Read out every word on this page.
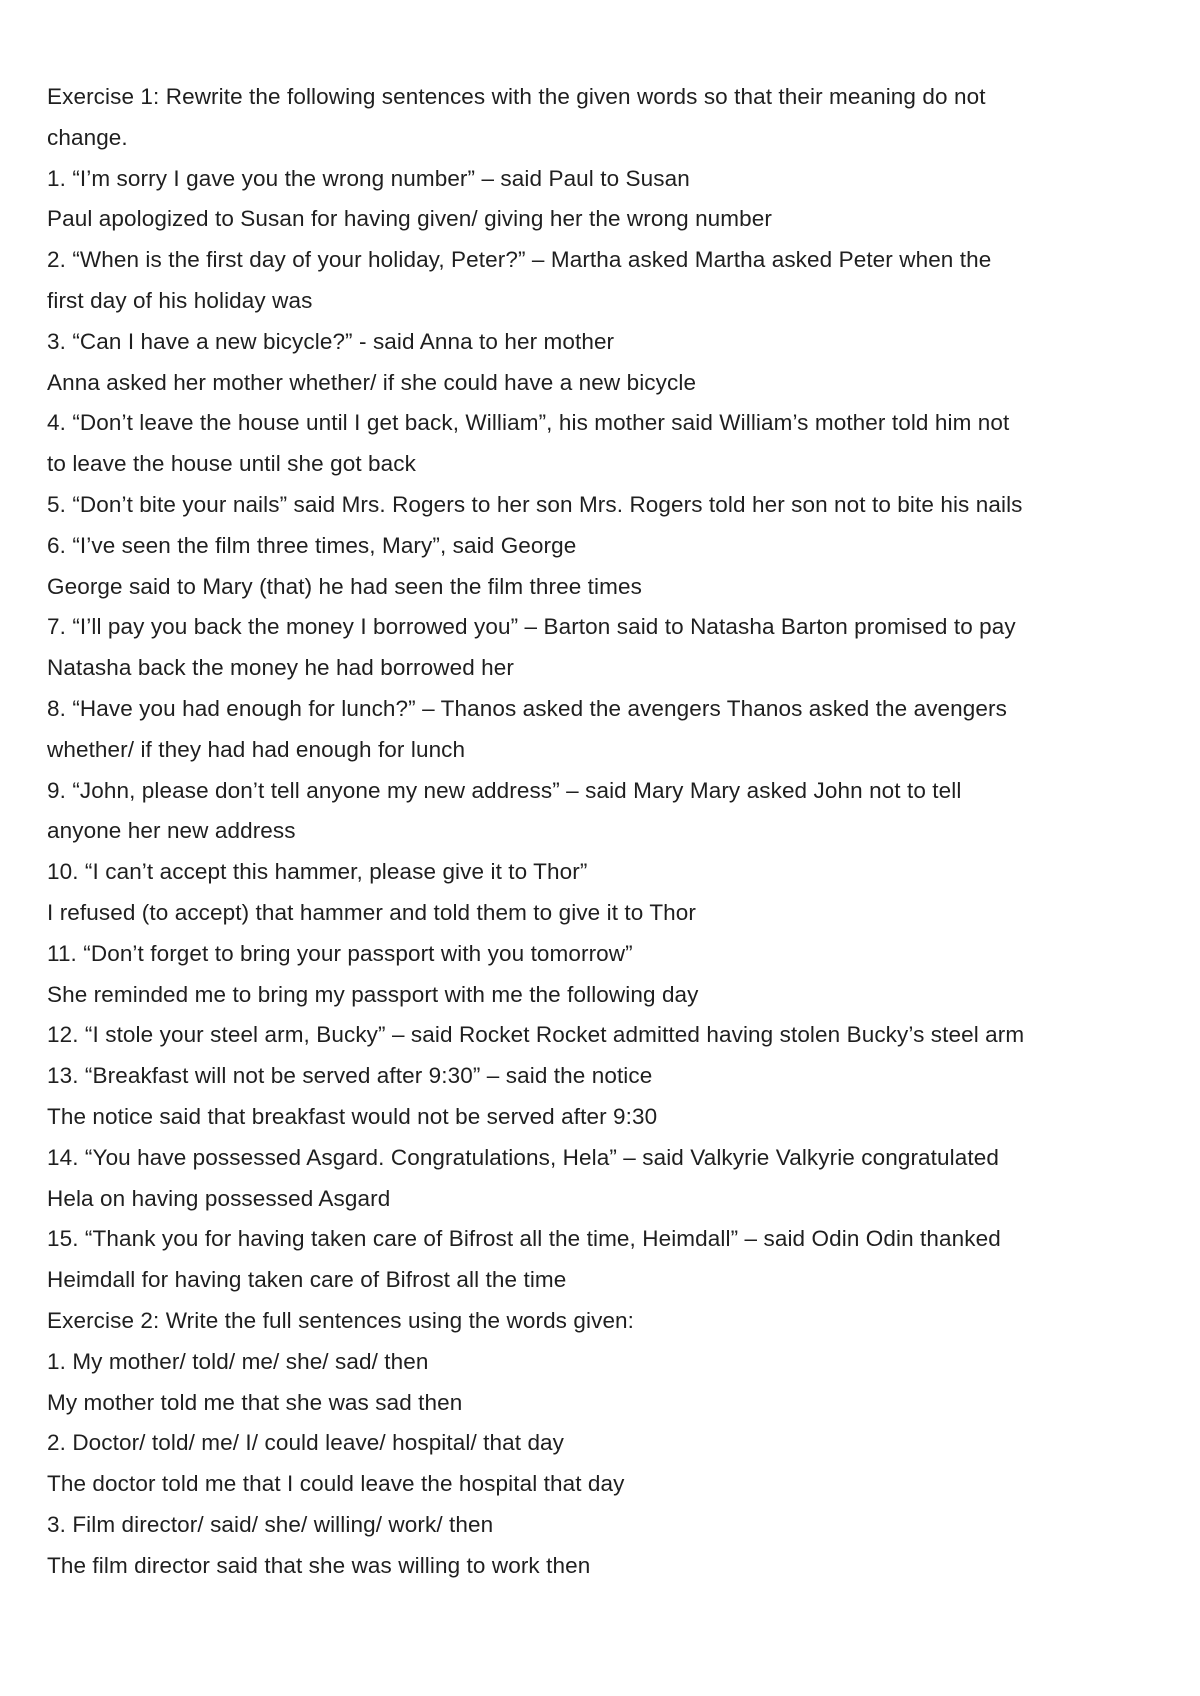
Exercise 1: Rewrite the following sentences with the given words so that their meaning do not
change.
1. “I’m sorry I gave you the wrong number” – said Paul to Susan
Paul apologized to Susan for having given/ giving her the wrong number
2. “When is the first day of your holiday, Peter?” – Martha asked Martha asked Peter when the
first day of his holiday was
3. “Can I have a new bicycle?” - said Anna to her mother
Anna asked her mother whether/ if she could have a new bicycle
4. “Don’t leave the house until I get back, William”, his mother said William’s mother told him not
to leave the house until she got back
5. “Don’t bite your nails” said Mrs. Rogers to her son Mrs. Rogers told her son not to bite his nails
6. “I’ve seen the film three times, Mary”, said George
George said to Mary (that) he had seen the film three times
7. “I’ll pay you back the money I borrowed you” – Barton said to Natasha Barton promised to pay
Natasha back the money he had borrowed her
8. “Have you had enough for lunch?” – Thanos asked the avengers Thanos asked the avengers
whether/ if they had had enough for lunch
9. “John, please don’t tell anyone my new address” – said Mary Mary asked John not to tell
anyone her new address
10. “I can’t accept this hammer, please give it to Thor”
I refused (to accept) that hammer and told them to give it to Thor
11. “Don’t forget to bring your passport with you tomorrow”
She reminded me to bring my passport with me the following day
12. “I stole your steel arm, Bucky” – said Rocket Rocket admitted having stolen Bucky’s steel arm
13. “Breakfast will not be served after 9:30” – said the notice
The notice said that breakfast would not be served after 9:30
14. “You have possessed Asgard. Congratulations, Hela” – said Valkyrie Valkyrie congratulated
Hela on having possessed Asgard
15. “Thank you for having taken care of Bifrost all the time, Heimdall” – said Odin Odin thanked
Heimdall for having taken care of Bifrost all the time
Exercise 2: Write the full sentences using the words given:
1. My mother/ told/ me/ she/ sad/ then
My mother told me that she was sad then
2. Doctor/ told/ me/ I/ could leave/ hospital/ that day
The doctor told me that I could leave the hospital that day
3. Film director/ said/ she/ willing/ work/ then
The film director said that she was willing to work then
